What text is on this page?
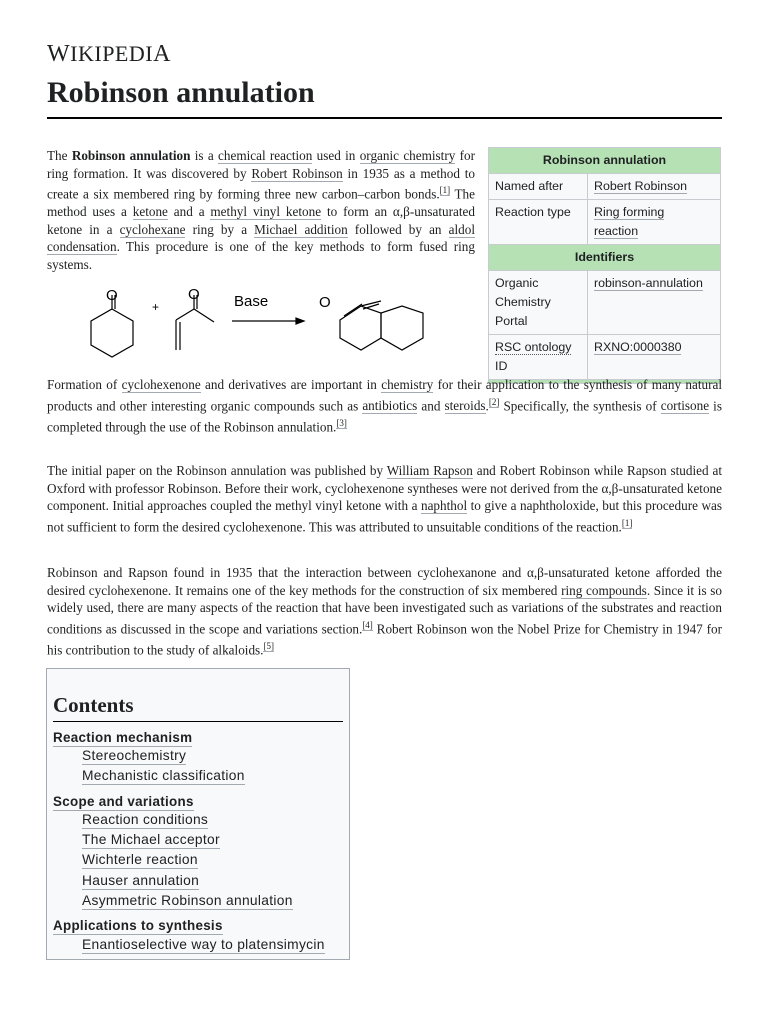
WIKIPEDIA
Robinson annulation

The Robinson annulation is a chemical reaction used in organic chemistry for ring formation. It was discovered by Robert Robinson in 1935 as a method to create a six membered ring by forming three new carbon–carbon bonds.[1] The method uses a ketone and a methyl vinyl ketone to form an α,β-unsaturated ketone in a cyclohexane ring by a Michael addition followed by an aldol condensation. This procedure is one of the key methods to form fused ring systems.

O	O
+	Base	O
Robinson annulation	
Named after	Robert Robinson
Reaction type	Ring forming
reaction
Identifiers	
Organic
Chemistry
Portal	robinson-annulation
RSC ontology
ID	RXNO:0000380

Formation of cyclohexenone and derivatives are important in chemistry for their application to the synthesis of many natural products and other interesting organic compounds such as antibiotics and steroids.[2] Specifically, the synthesis of cortisone is completed through the use of the Robinson annulation.[3]

The initial paper on the Robinson annulation was published by William Rapson and Robert Robinson while Rapson studied at Oxford with professor Robinson. Before their work, cyclohexenone syntheses were not derived from the α,β-unsaturated ketone component. Initial approaches coupled the methyl vinyl ketone with a naphthol to give a naphtholoxide, but this procedure was not sufficient to form the desired cyclohexenone. This was attributed to unsuitable conditions of the reaction.[1]

Robinson and Rapson found in 1935 that the interaction between cyclohexanone and α,β-unsaturated ketone afforded the desired cyclohexenone. It remains one of the key methods for the construction of six membered ring compounds. Since it is so widely used, there are many aspects of the reaction that have been investigated such as variations of the substrates and reaction conditions as discussed in the scope and variations section.[4] Robert Robinson won the Nobel Prize for Chemistry in 1947 for his contribution to the study of alkaloids.[5]

Contents
Reaction mechanism
Stereochemistry
Mechanistic classification
Scope and variations
Reaction conditions
The Michael acceptor
Wichterle reaction
Hauser annulation
Asymmetric Robinson annulation
Applications to synthesis
Enantioselective way to platensimycin
